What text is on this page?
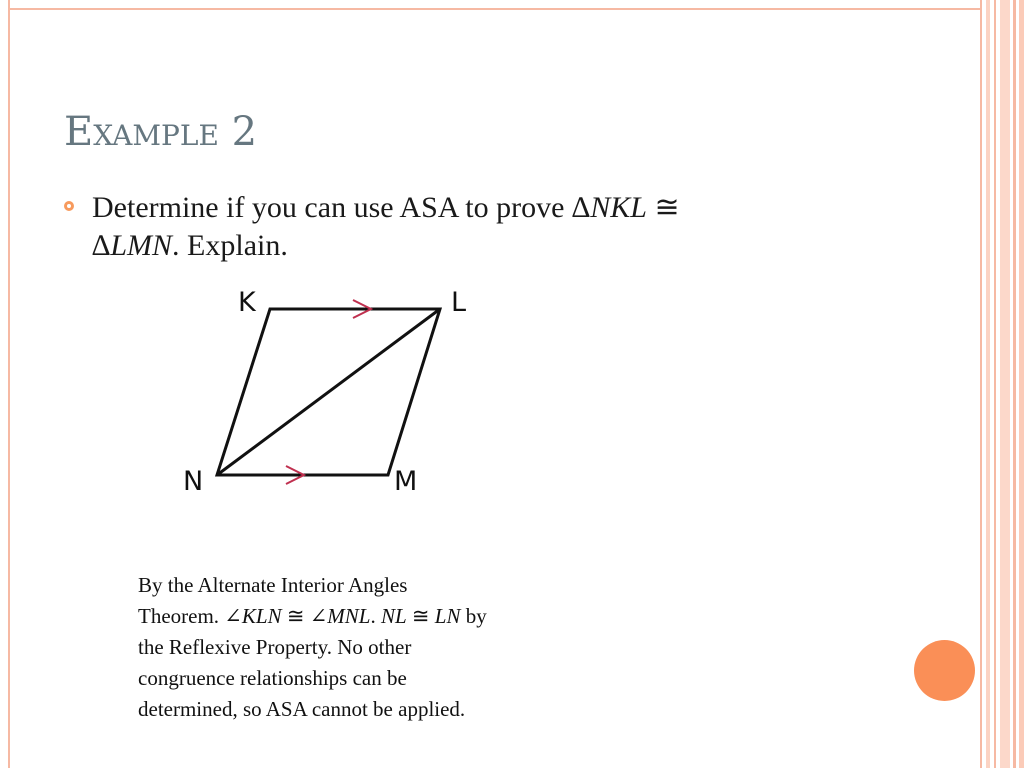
Example 2
Determine if you can use ASA to prove ∆NKL ≅
∆LMN. Explain.
K	L
N	M
By the Alternate Interior Angles
Theorem. ∠KLN ≅ ∠MNL. NL ≅ LN by
the Reflexive Property. No other
congruence relationships can be
determined, so ASA cannot be applied.
